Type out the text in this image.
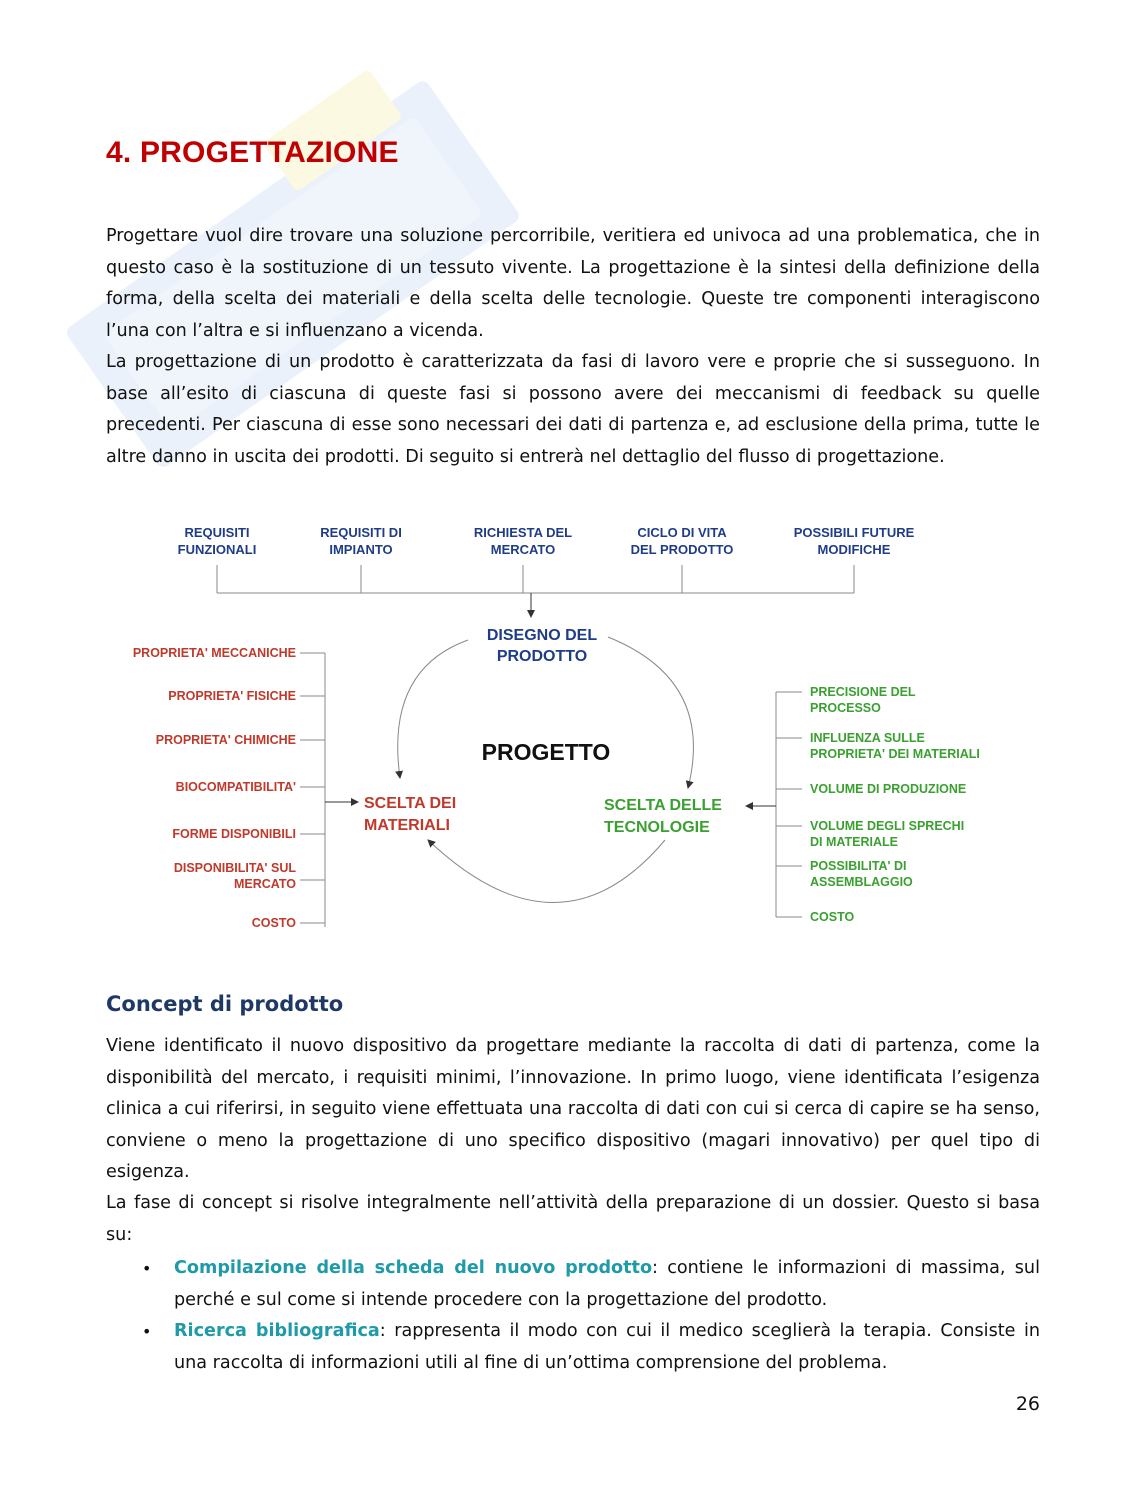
4. PROGETTAZIONE

Progettare vuol dire trovare una soluzione percorribile, veritiera ed univoca ad una problematica, che in questo caso è la sostituzione di un tessuto vivente. La progettazione è la sintesi della definizione della forma, della scelta dei materiali e della scelta delle tecnologie. Queste tre componenti interagiscono l’una con l’altra e si influenzano a vicenda.

La progettazione di un prodotto è caratterizzata da fasi di lavoro vere e proprie che si susseguono. In base all’esito di ciascuna di queste fasi si possono avere dei meccanismi di feedback su quelle precedenti. Per ciascuna di esse sono necessari dei dati di partenza e, ad esclusione della prima, tutte le altre danno in uscita dei prodotti. Di seguito si entrerà nel dettaglio del flusso di progettazione.

REQUISITI FUNZIONALI
REQUISITI DI IMPIANTO
RICHIESTA DEL MERCATO
CICLO DI VITA DEL PRODOTTO
POSSIBILI FUTURE MODIFICHE
DISEGNO DEL PRODOTTO
PROGETTO
SCELTA DEI MATERIALI
SCELTA DELLE TECNOLOGIE
PROPRIETA' MECCANICHE
PROPRIETA' FISICHE
PROPRIETA' CHIMICHE
BIOCOMPATIBILITA'
FORME DISPONIBILI
DISPONIBILITA' SUL MERCATO
COSTO
PRECISIONE DEL PROCESSO
INFLUENZA SULLE PROPRIETA' DEI MATERIALI
VOLUME DI PRODUZIONE
VOLUME DEGLI SPRECHI DI MATERIALE
POSSIBILITA' DI ASSEMBLAGGIO
COSTO
Concept di prodotto

Viene identificato il nuovo dispositivo da progettare mediante la raccolta di dati di partenza, come la disponibilità del mercato, i requisiti minimi, l’innovazione. In primo luogo, viene identificata l’esigenza clinica a cui riferirsi, in seguito viene effettuata una raccolta di dati con cui si cerca di capire se ha senso, conviene o meno la progettazione di uno specifico dispositivo (magari innovativo) per quel tipo di esigenza.

La fase di concept si risolve integralmente nell’attività della preparazione di un dossier. Questo si basa su:

• Compilazione della scheda del nuovo prodotto: contiene le informazioni di massima, sul perché e sul come si intende procedere con la progettazione del prodotto.
• Ricerca bibliografica: rappresenta il modo con cui il medico sceglierà la terapia. Consiste in una raccolta di informazioni utili al fine di un’ottima comprensione del problema.
26
